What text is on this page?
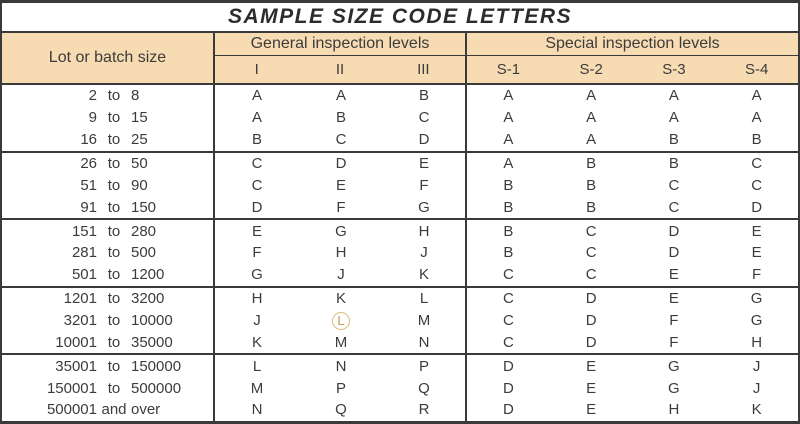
SAMPLE SIZE CODE LETTERS
Lot or batch size
General inspection levels
I	II	III
Special inspection levels
S-1	S-2	S-3	S-4
2 to 8	A	A	B	A	A	A	A
9 to 15	A	B	C	A	A	A	A
16 to 25	B	C	D	A	A	B	B
26 to 50	C	D	E	A	B	B	C
51 to 90	C	E	F	B	B	C	C
91 to 150	D	F	G	B	B	C	D
151 to 280	E	G	H	B	C	D	E
281 to 500	F	H	J	B	C	D	E
501 to 1200	G	J	K	C	C	E	F
1201 to 3200	H	K	L	C	D	E	G
3201 to 10000	J	L	M	C	D	F	G
10001 to 35000	K	M	N	C	D	F	H
35001 to 150000	L	N	P	D	E	G	J
150001 to 500000	M	P	Q	D	E	G	J
500001 and over	N	Q	R	D	E	H	K
